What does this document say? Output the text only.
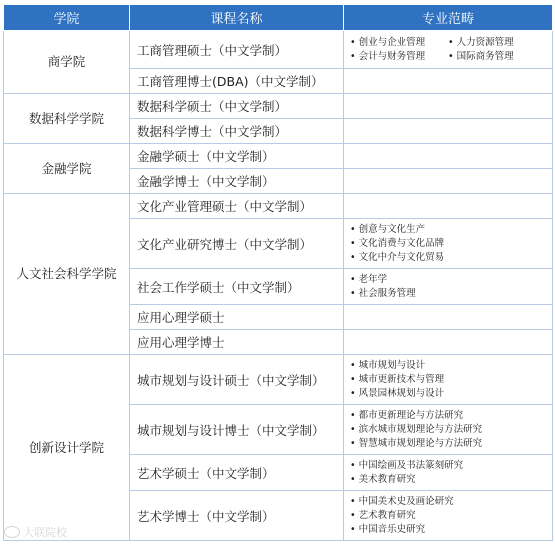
学院	课程名称	专业范畴
商学院	工商管理硕士（中文学制）	• 创业与企业管理 • 人力资源管理
• 会计与财务管理 • 国际商务管理

	工商管理博士(DBA)（中文学制）	
数据科学学院	数据科学硕士（中文学制）	
	数据科学博士（中文学制）	
金融学院	金融学硕士（中文学制）	
	金融学博士（中文学制）	
人文社会科学学院	文化产业管理硕士（中文学制）	
	文化产业研究博士（中文学制）	• 创意与文化生产
• 文化消费与文化品牌
• 文化中介与文化贸易

	社会工作学硕士（中文学制）	• 老年学
• 社会服务管理

	应用心理学硕士	
	应用心理学博士	
创新设计学院	城市规划与设计硕士（中文学制）	• 城市规划与设计
• 城市更新技术与管理
• 风景园林规划与设计

	城市规划与设计博士（中文学制）	• 都市更新理论与方法研究
• 滨水城市规划理论与方法研究
• 智慧城市规划理论与方法研究

	艺术学硕士（中文学制）	• 中国绘画及书法篆刻研究
• 美术教育研究

	艺术学博士（中文学制）	• 中国美术史及画论研究
• 艺术教育研究
• 中国音乐史研究
大联院校
